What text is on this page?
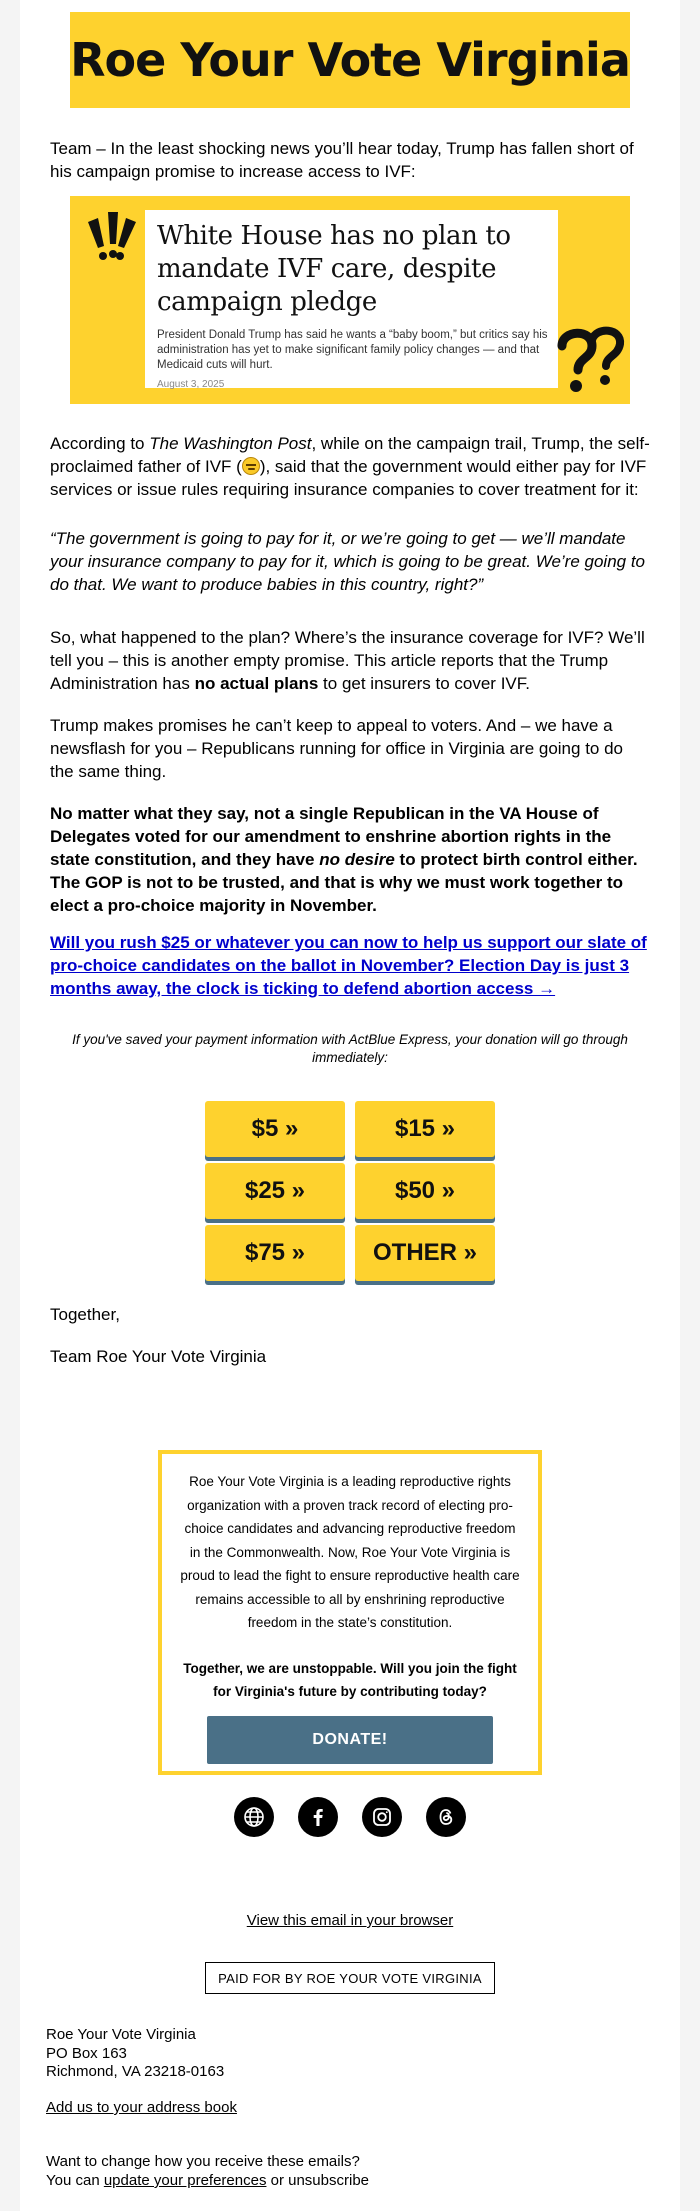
Roe Your Vote Virginia
Team – In the least shocking news you’ll hear today, Trump has fallen short of his campaign promise to increase access to IVF:
White House has no plan to mandate IVF care, despite campaign pledge
President Donald Trump has said he wants a “baby boom,” but critics say his administration has yet to make significant family policy changes — and that Medicaid cuts will hurt.
August 3, 2025
According to The Washington Post, while on the campaign trail, Trump, the self-proclaimed father of IVF ( ), said that the government would either pay for IVF services or issue rules requiring insurance companies to cover treatment for it:
“The government is going to pay for it, or we’re going to get — we’ll mandate your insurance company to pay for it, which is going to be great. We’re going to do that. We want to produce babies in this country, right?”
So, what happened to the plan? Where’s the insurance coverage for IVF? We’ll tell you – this is another empty promise. This article reports that the Trump Administration has no actual plans to get insurers to cover IVF.
Trump makes promises he can’t keep to appeal to voters. And – we have a newsflash for you – Republicans running for office in Virginia are going to do the same thing.
No matter what they say, not a single Republican in the VA House of Delegates voted for our amendment to enshrine abortion rights in the state constitution, and they have no desire to protect birth control either. The GOP is not to be trusted, and that is why we must work together to elect a pro-choice majority in November.
Will you rush $25 or whatever you can now to help us support our slate of pro-choice candidates on the ballot in November? Election Day is just 3 months away, the clock is ticking to defend abortion access →
If you've saved your payment information with ActBlue Express, your donation will go through immediately:
$5 »	$15 »
$25 »	$50 »
$75 »	OTHER »
Together,
Team Roe Your Vote Virginia

Roe Your Vote Virginia is a leading reproductive rights organization with a proven track record of electing pro-choice candidates and advancing reproductive freedom in the Commonwealth. Now, Roe Your Vote Virginia is proud to lead the fight to ensure reproductive health care remains accessible to all by enshrining reproductive freedom in the state’s constitution.

Together, we are unstoppable. Will you join the fight for Virginia's future by contributing today?

DONATE!
View this email in your browser
PAID FOR BY ROE YOUR VOTE VIRGINIA
Roe Your Vote Virginia
PO Box 163
Richmond, VA 23218-0163
Add us to your address book
Want to change how you receive these emails?
You can update your preferences or unsubscribe
